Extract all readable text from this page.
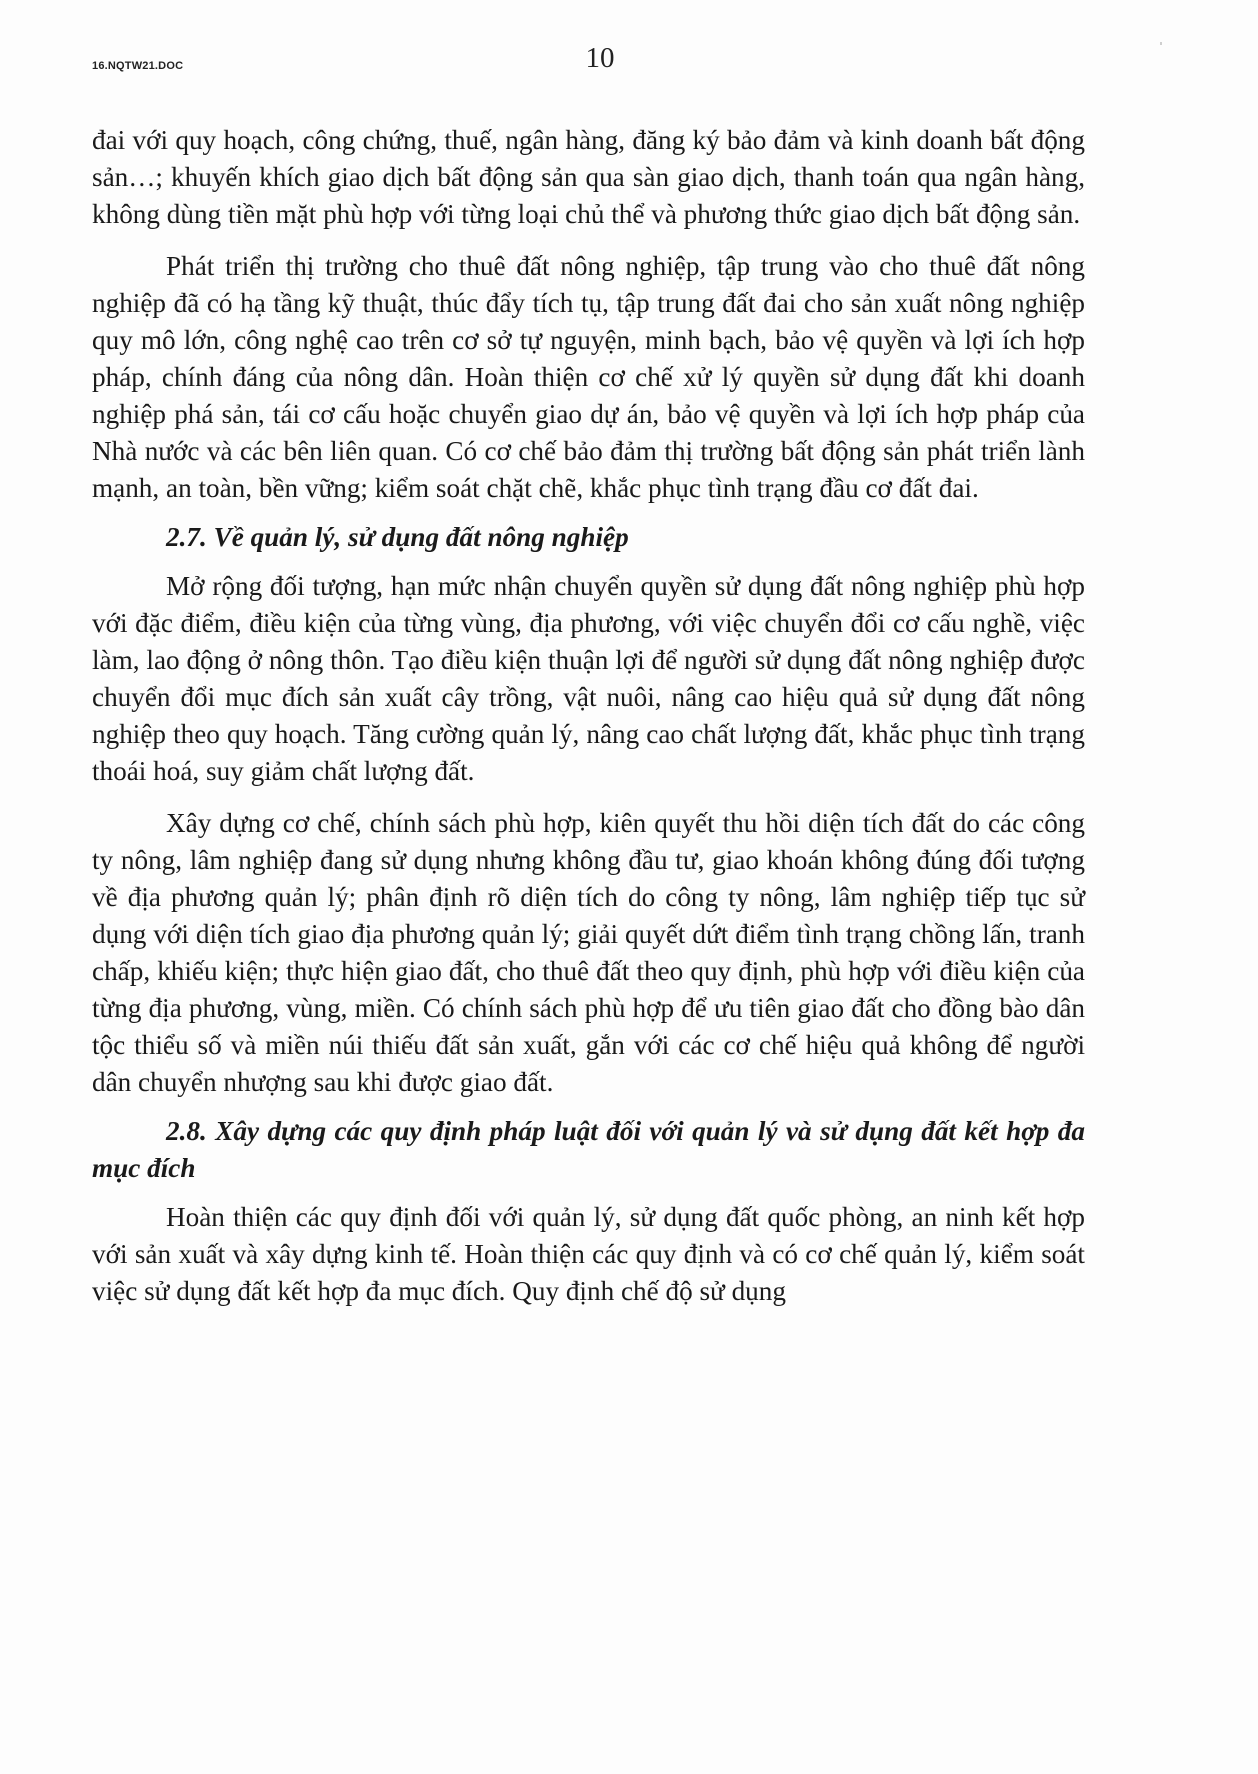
16.NQTW21.DOC	10

đai với quy hoạch, công chứng, thuế, ngân hàng, đăng ký bảo đảm và kinh doanh bất động sản…; khuyến khích giao dịch bất động sản qua sàn giao dịch, thanh toán qua ngân hàng, không dùng tiền mặt phù hợp với từng loại chủ thể và phương thức giao dịch bất động sản.

Phát triển thị trường cho thuê đất nông nghiệp, tập trung vào cho thuê đất nông nghiệp đã có hạ tầng kỹ thuật, thúc đẩy tích tụ, tập trung đất đai cho sản xuất nông nghiệp quy mô lớn, công nghệ cao trên cơ sở tự nguyện, minh bạch, bảo vệ quyền và lợi ích hợp pháp, chính đáng của nông dân. Hoàn thiện cơ chế xử lý quyền sử dụng đất khi doanh nghiệp phá sản, tái cơ cấu hoặc chuyển giao dự án, bảo vệ quyền và lợi ích hợp pháp của Nhà nước và các bên liên quan. Có cơ chế bảo đảm thị trường bất động sản phát triển lành mạnh, an toàn, bền vững; kiểm soát chặt chẽ, khắc phục tình trạng đầu cơ đất đai.

2.7. Về quản lý, sử dụng đất nông nghiệp

Mở rộng đối tượng, hạn mức nhận chuyển quyền sử dụng đất nông nghiệp phù hợp với đặc điểm, điều kiện của từng vùng, địa phương, với việc chuyển đổi cơ cấu nghề, việc làm, lao động ở nông thôn. Tạo điều kiện thuận lợi để người sử dụng đất nông nghiệp được chuyển đổi mục đích sản xuất cây trồng, vật nuôi, nâng cao hiệu quả sử dụng đất nông nghiệp theo quy hoạch. Tăng cường quản lý, nâng cao chất lượng đất, khắc phục tình trạng thoái hoá, suy giảm chất lượng đất.

Xây dựng cơ chế, chính sách phù hợp, kiên quyết thu hồi diện tích đất do các công ty nông, lâm nghiệp đang sử dụng nhưng không đầu tư, giao khoán không đúng đối tượng về địa phương quản lý; phân định rõ diện tích do công ty nông, lâm nghiệp tiếp tục sử dụng với diện tích giao địa phương quản lý; giải quyết dứt điểm tình trạng chồng lấn, tranh chấp, khiếu kiện; thực hiện giao đất, cho thuê đất theo quy định, phù hợp với điều kiện của từng địa phương, vùng, miền. Có chính sách phù hợp để ưu tiên giao đất cho đồng bào dân tộc thiểu số và miền núi thiếu đất sản xuất, gắn với các cơ chế hiệu quả không để người dân chuyển nhượng sau khi được giao đất.

2.8. Xây dựng các quy định pháp luật đối với quản lý và sử dụng đất kết hợp đa mục đích

Hoàn thiện các quy định đối với quản lý, sử dụng đất quốc phòng, an ninh kết hợp với sản xuất và xây dựng kinh tế. Hoàn thiện các quy định và có cơ chế quản lý, kiểm soát việc sử dụng đất kết hợp đa mục đích. Quy định chế độ sử dụng
